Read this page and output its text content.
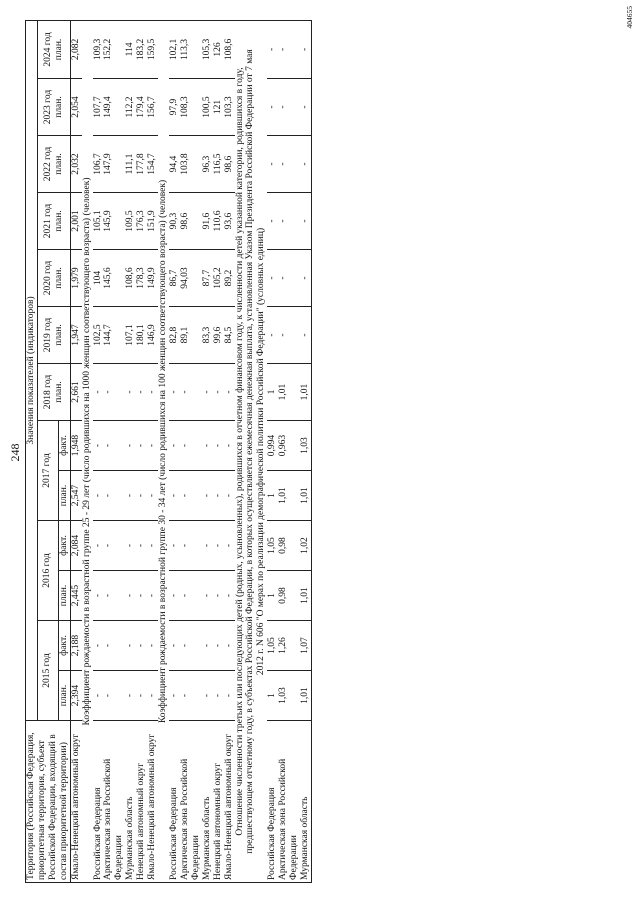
248
Территория (Российская Федерация, приоритетная территория, субъект Российской Федерации, входящий в состав приоритетной территории)	Значения показателей (индикаторов)												
	2015 год		2016 год		2017 год		2018 год план.	2019 год план.	2020 год план.	2021 год план.	2022 год план.	2023 год план.	2024 год план.
	план.	факт.	план.	факт.	план.	факт.							
Ямало-Ненецкий автономный округ	2,394	2,188	2,445	2,084	2,547	1,948	2,661	1,947	1,979	2,001	2,032	2,054	2,082
Коэффициент рождаемости в возрастной группе 25 - 29 лет (число родившихся на 1000 женщин соответствующего возраста) (человек)													
Российская Федерация	-	-	-	-	-	-	-	102,5	104	105,1	106,7	107,7	109,3
Арктическая зона Российской Федерации	-	-	-	-	-	-	-	144,7	145,6	145,9	147,9	149,4	152,2
Мурманская область	-	-	-	-	-	-	-	107,1	108,6	109,5	111,1	112,2	114
Ненецкий автономный округ	-	-	-	-	-	-	-	180,1	178,3	176,3	177,8	179,4	183,2
Ямало-Ненецкий автономный округ	-	-	-	-	-	-	-	146,9	149,9	151,9	154,7	156,7	159,5
Коэффициент рождаемости в возрастной группе 30 - 34 лет (число родившихся на 100 женщин соответствующего возраста) (человек)													
Российская Федерация	-	-	-	-	-	-	-	82,8	86,7	90,3	94,4	97,9	102,1
Арктическая зона Российской Федерации	-	-	-	-	-	-	-	89,1	94,03	98,6	103,8	108,3	113,3
Мурманская область	-	-	-	-	-	-	-	83,3	87,7	91,6	96,3	100,5	105,3
Ненецкий автономный округ	-	-	-	-	-	-	-	99,6	105,2	110,6	116,5	121	126
Ямало-Ненецкий автономный округ	-	-	-	-	-	-	-	84,5	89,2	93,6	98,6	103,3	108,6
Отношение численности третьих или последующих детей (родных, усыновленных), родившихся в отчетном финансовом году, к численности детей указанной категории, родившихся в году, предшествующем отчетному году, в субъектах Российской Федерации, в которых осуществляется ежемесячная денежная выплата, установленная Указом Президента Российской Федерации от 7 мая 2012 г. N 606 "О мерах по реализации демографической политики Российской Федерации" (условных единиц)													
Российская Федерация	1	1,05	1	1,05	1	0,994	1	-	-	-	-	-	-
Арктическая зона Российской Федерации	1,03	1,26	0,98	0,98	1,01	0,963	1,01	-	-	-	-	-	-
Мурманская область	1,01	1,07	1,01	1,02	1,01	1,03	1,01	-	-	-	-	-	-
404655
